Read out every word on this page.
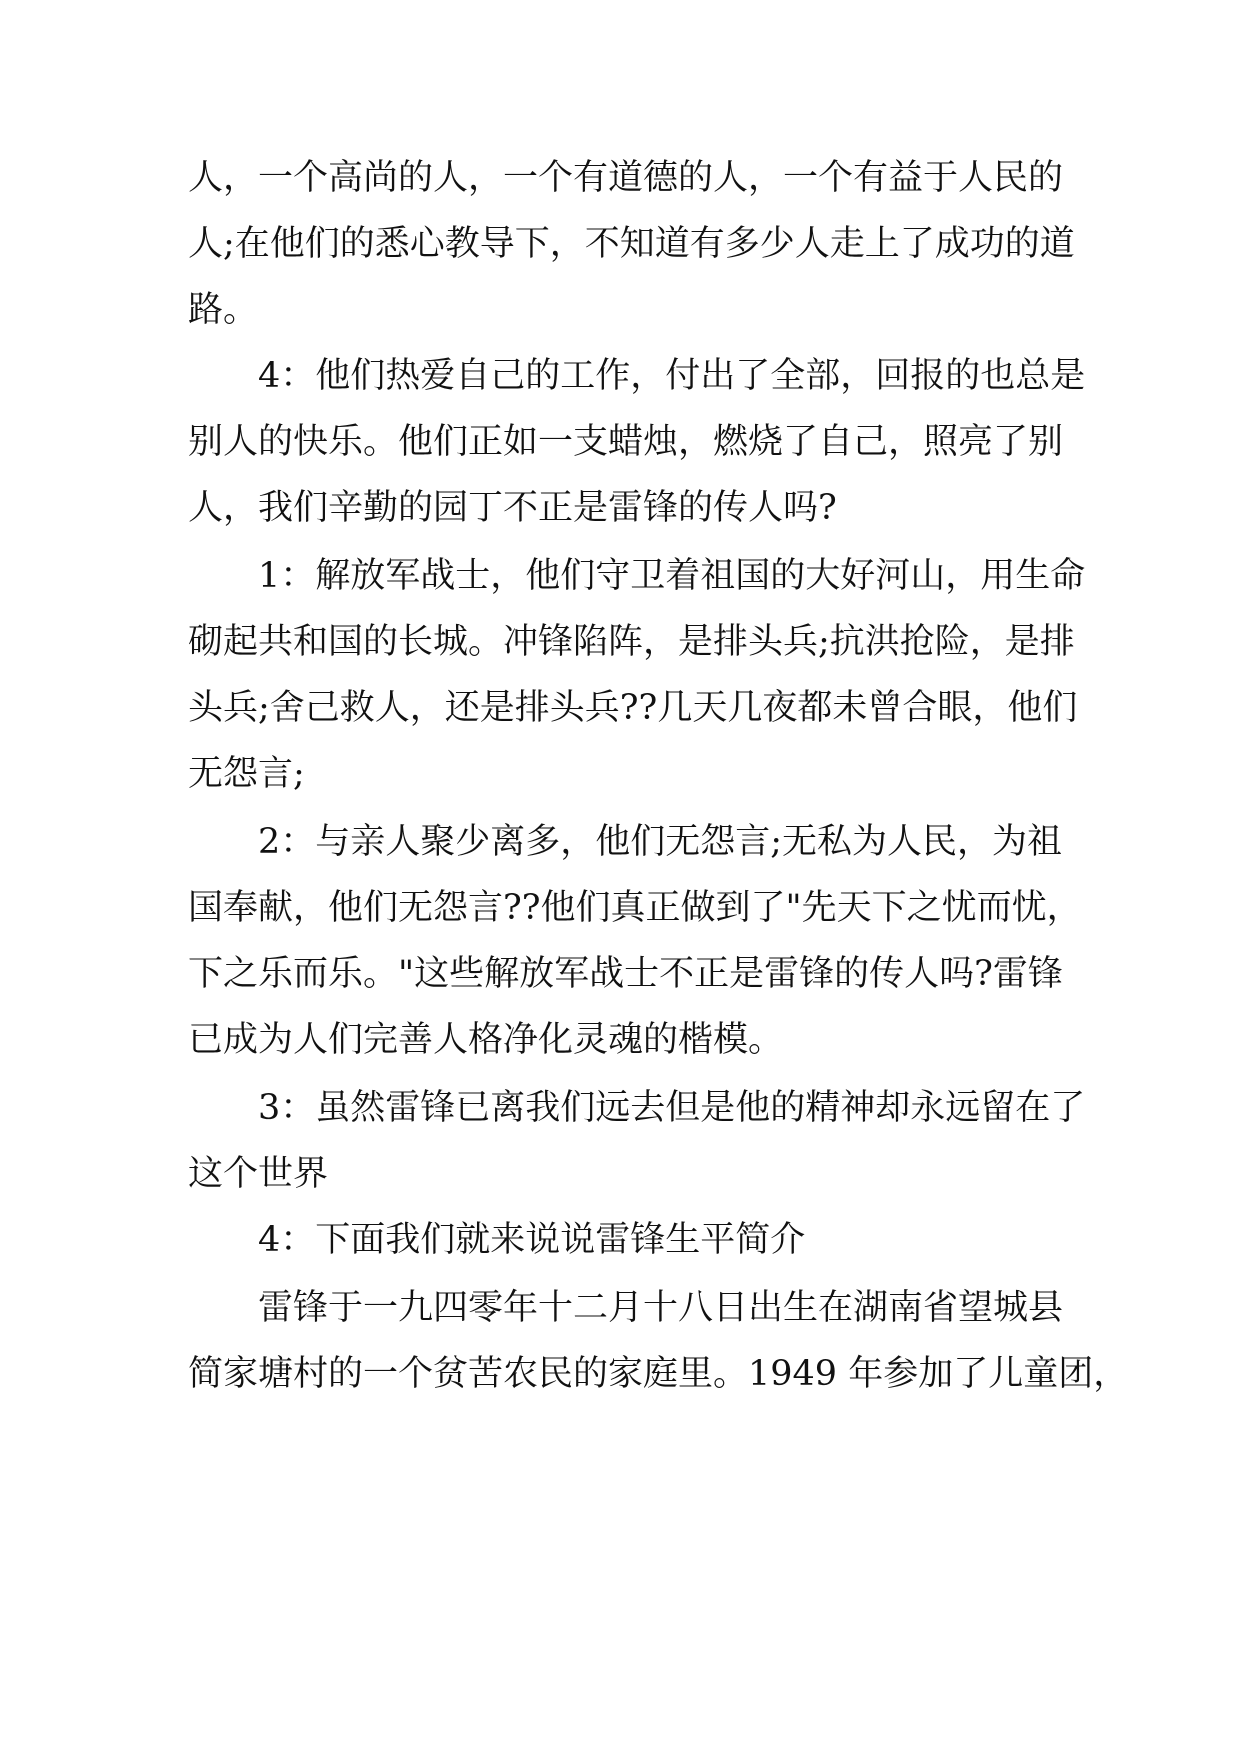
人，一个高尚的人，一个有道德的人，一个有益于人民的
人;在他们的悉心教导下，不知道有多少人走上了成功的道
路。
4：他们热爱自己的工作，付出了全部，回报的也总是
别人的快乐。他们正如一支蜡烛，燃烧了自己，照亮了别
人，我们辛勤的园丁不正是雷锋的传人吗?
1：解放军战士，他们守卫着祖国的大好河山，用生命
砌起共和国的长城。冲锋陷阵，是排头兵;抗洪抢险，是排
头兵;舍己救人，还是排头兵??几天几夜都未曾合眼，他们
无怨言;
2：与亲人聚少离多，他们无怨言;无私为人民，为祖
国奉献，他们无怨言??他们真正做到了"先天下之忧而忧，
下之乐而乐。"这些解放军战士不正是雷锋的传人吗?雷锋
已成为人们完善人格净化灵魂的楷模。
3：虽然雷锋已离我们远去但是他的精神却永远留在了
这个世界
4：下面我们就来说说雷锋生平简介
雷锋于一九四零年十二月十八日出生在湖南省望城县
简家塘村的一个贫苦农民的家庭里。1949 年参加了儿童团，
